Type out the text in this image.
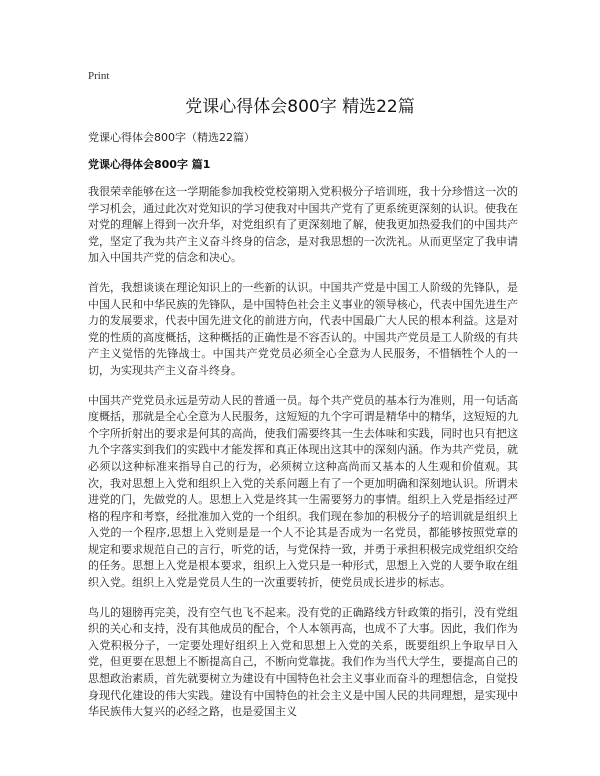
Print
党课心得体会800字 精选22篇
党课心得体会800字（精选22篇）
党课心得体会800字 篇1

我很荣幸能够在这一学期能参加我校党校第期入党积极分子培训班，我十分珍惜这一次的学习机会，通过此次对党知识的学习使我对中国共产党有了更系统更深刻的认识。使我在对党的理解上得到一次升华，对党组织有了更深刻地了解，使我更加热爱我们的中国共产党，坚定了我为共产主义奋斗终身的信念，是对我思想的一次洗礼。从而更坚定了我申请加入中国共产党的信念和决心。

首先，我想谈谈在理论知识上的一些新的认识。中国共产党是中国工人阶级的先锋队，是中国人民和中华民族的先锋队，是中国特色社会主义事业的领导核心，代表中国先进生产力的发展要求，代表中国先进文化的前进方向，代表中国最广大人民的根本利益。这是对党的性质的高度概括，这种概括的正确性是不容否认的。中国共产党员是工人阶级的有共产主义觉悟的先锋战士。中国共产党党员必须全心全意为人民服务，不惜牺牲个人的一切，为实现共产主义奋斗终身。

中国共产党党员永远是劳动人民的普通一员。每个共产党员的基本行为准则，用一句话高度概括，那就是全心全意为人民服务，这短短的九个字可谓是精华中的精华，这短短的九个字所折射出的要求是何其的高尚，使我们需要终其一生去体味和实践，同时也只有把这九个字落实到我们的实践中才能发挥和真正体现出这其中的深刻内涵。作为共产党员，就必须以这种标准来指导自己的行为，必须树立这种高尚而又基本的人生观和价值观。其次，我对思想上入党和组织上入党的关系问题上有了一个更加明确和深刻地认识。所谓未进党的门，先做党的人。思想上入党是终其一生需要努力的事情。组织上入党是指经过严格的程序和考察，经批准加入党的一个组织。我们现在参加的积极分子的培训就是组织上入党的一个程序,思想上入党则是是一个人不论其是否成为一名党员，都能够按照党章的规定和要求规范自己的言行，听党的话，与党保持一致，并勇于承担积极完成党组织交给的任务。思想上入党是根本要求，组织上入党只是一种形式，思想上入党的人要争取在组织入党。组织上入党是党员人生的一次重要转折，使党员成长进步的标志。

鸟儿的翅膀再完美，没有空气也飞不起来。没有党的正确路线方针政策的指引，没有党组织的关心和支持，没有其他成员的配合，个人本领再高，也成不了大事。因此，我们作为入党积极分子，一定要处理好组织上入党和思想上入党的关系，既要组织上争取早日入党，但更要在思想上不断提高自己，不断向党靠拢。我们作为当代大学生，要提高自己的思想政治素质，首先就要树立为建设有中国特色社会主义事业而奋斗的理想信念，自觉投身现代化建设的伟大实践。建设有中国特色的社会主义是中国人民的共同理想，是实现中华民族伟大复兴的必经之路，也是爱国主义
